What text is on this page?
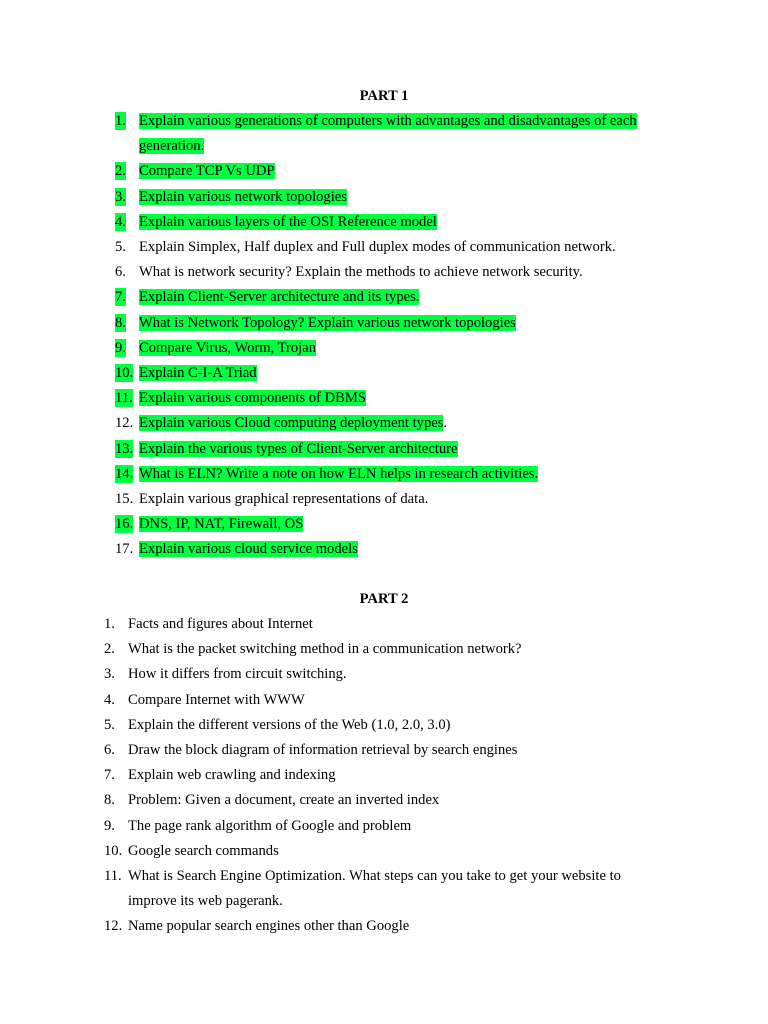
PART 1
1. Explain various generations of computers with advantages and disadvantages of each
generation.
2. Compare TCP Vs UDP
3. Explain various network topologies
4. Explain various layers of the OSI Reference model
5. Explain Simplex, Half duplex and Full duplex modes of communication network.
6. What is network security? Explain the methods to achieve network security.
7. Explain Client-Server architecture and its types.
8. What is Network Topology? Explain various network topologies
9. Compare Virus, Worm, Trojan
10. Explain C-I-A Triad
11. Explain various components of DBMS
12. Explain various Cloud computing deployment types.
13. Explain the various types of Client-Server architecture
14. What is ELN? Write a note on how ELN helps in research activities.
15. Explain various graphical representations of data.
16. DNS, IP, NAT, Firewall, OS
17. Explain various cloud service models
PART 2
1. Facts and figures about Internet
2. What is the packet switching method in a communication network?
3. How it differs from circuit switching.
4. Compare Internet with WWW
5. Explain the different versions of the Web (1.0, 2.0, 3.0)
6. Draw the block diagram of information retrieval by search engines
7. Explain web crawling and indexing
8. Problem: Given a document, create an inverted index
9. The page rank algorithm of Google and problem
10. Google search commands
11. What is Search Engine Optimization. What steps can you take to get your website to
improve its web pagerank.
12. Name popular search engines other than Google
